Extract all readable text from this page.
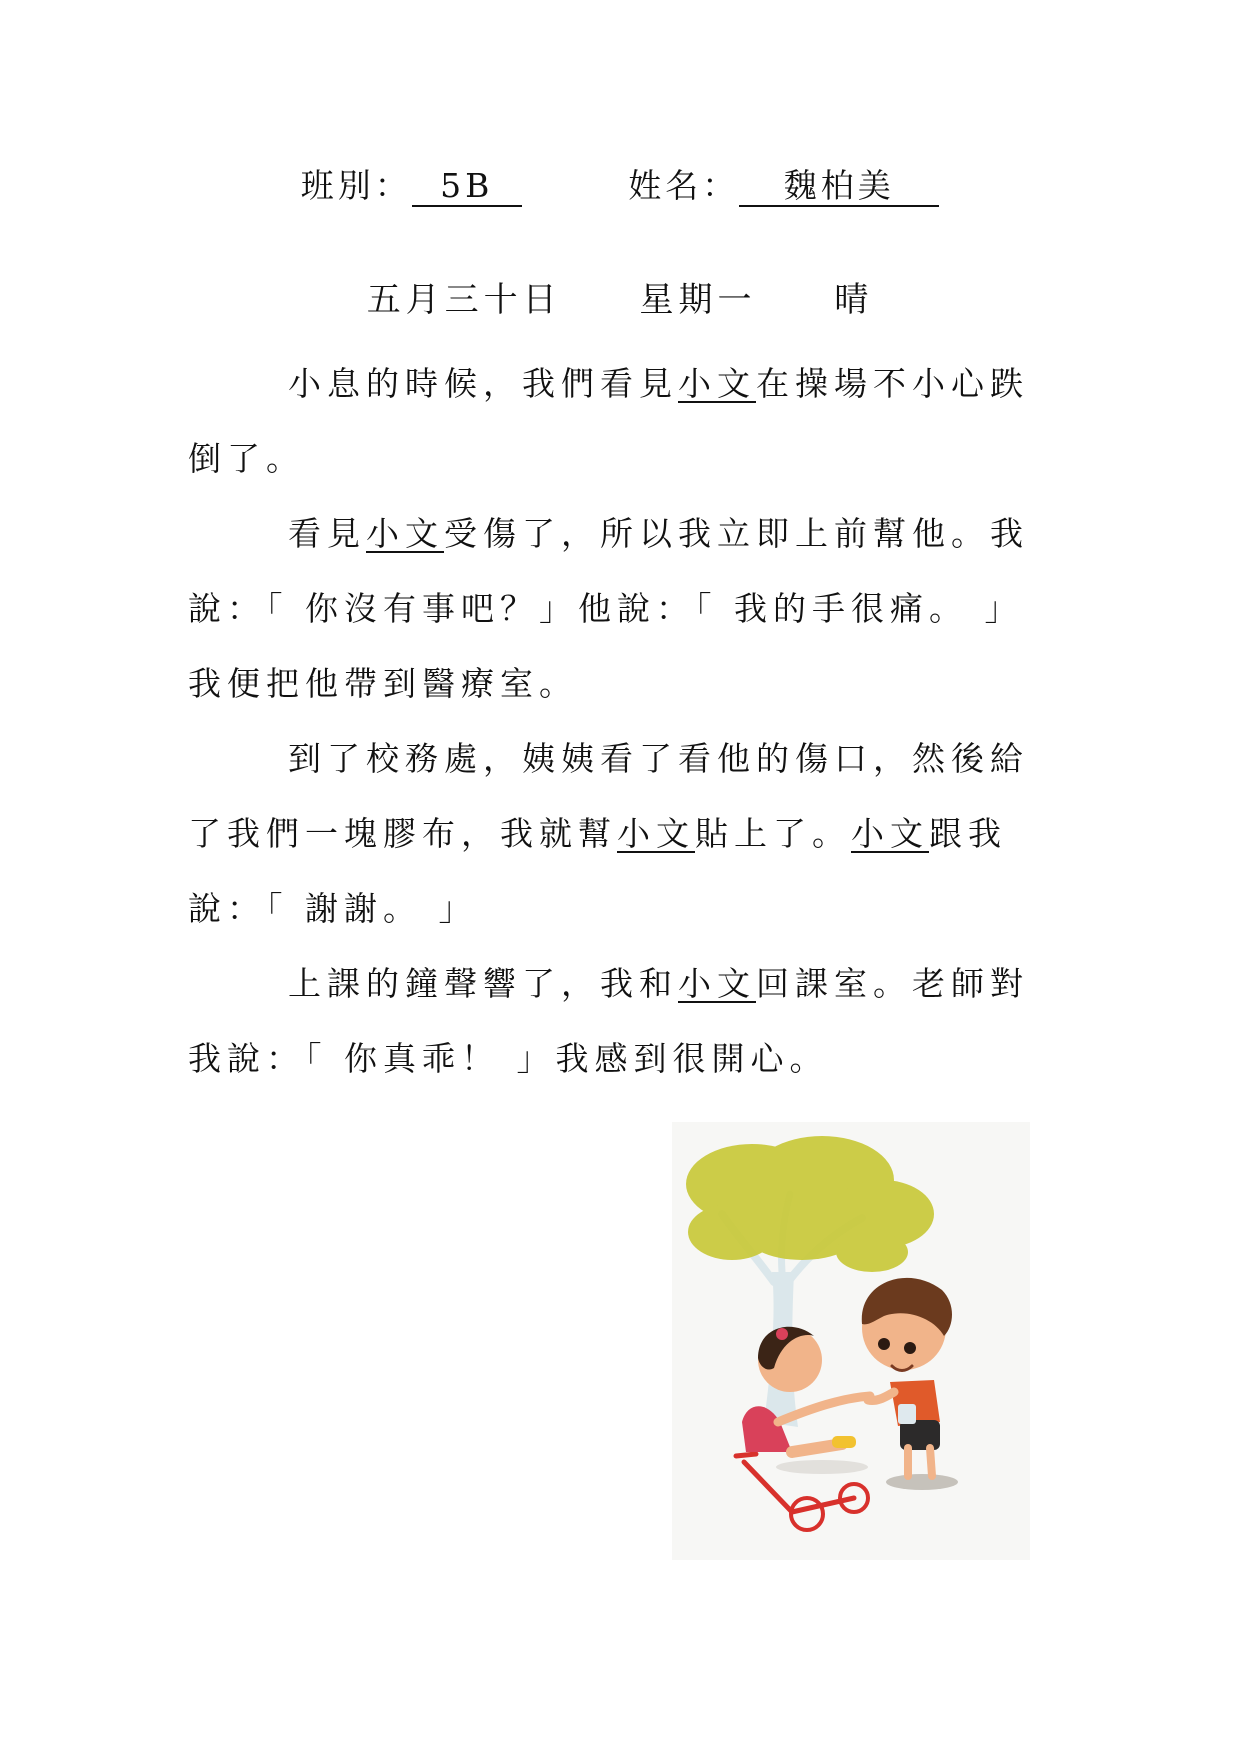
班別： 5B	姓名： 魏柏美
五月三十日 星期一 晴

小息的時候，我們看見小文在操場不小心跌倒了。

看見小文受傷了，所以我立即上前幫他。我說：「 你沒有事吧？」他說：「 我的手很痛。 」我便把他帶到醫療室。

到了校務處，姨姨看了看他的傷口，然後給了我們一塊膠布，我就幫小文貼上了。小文跟我說：「 謝謝。 」

上課的鐘聲響了，我和小文回課室。老師對我說：「 你真乖！ 」我感到很開心。
